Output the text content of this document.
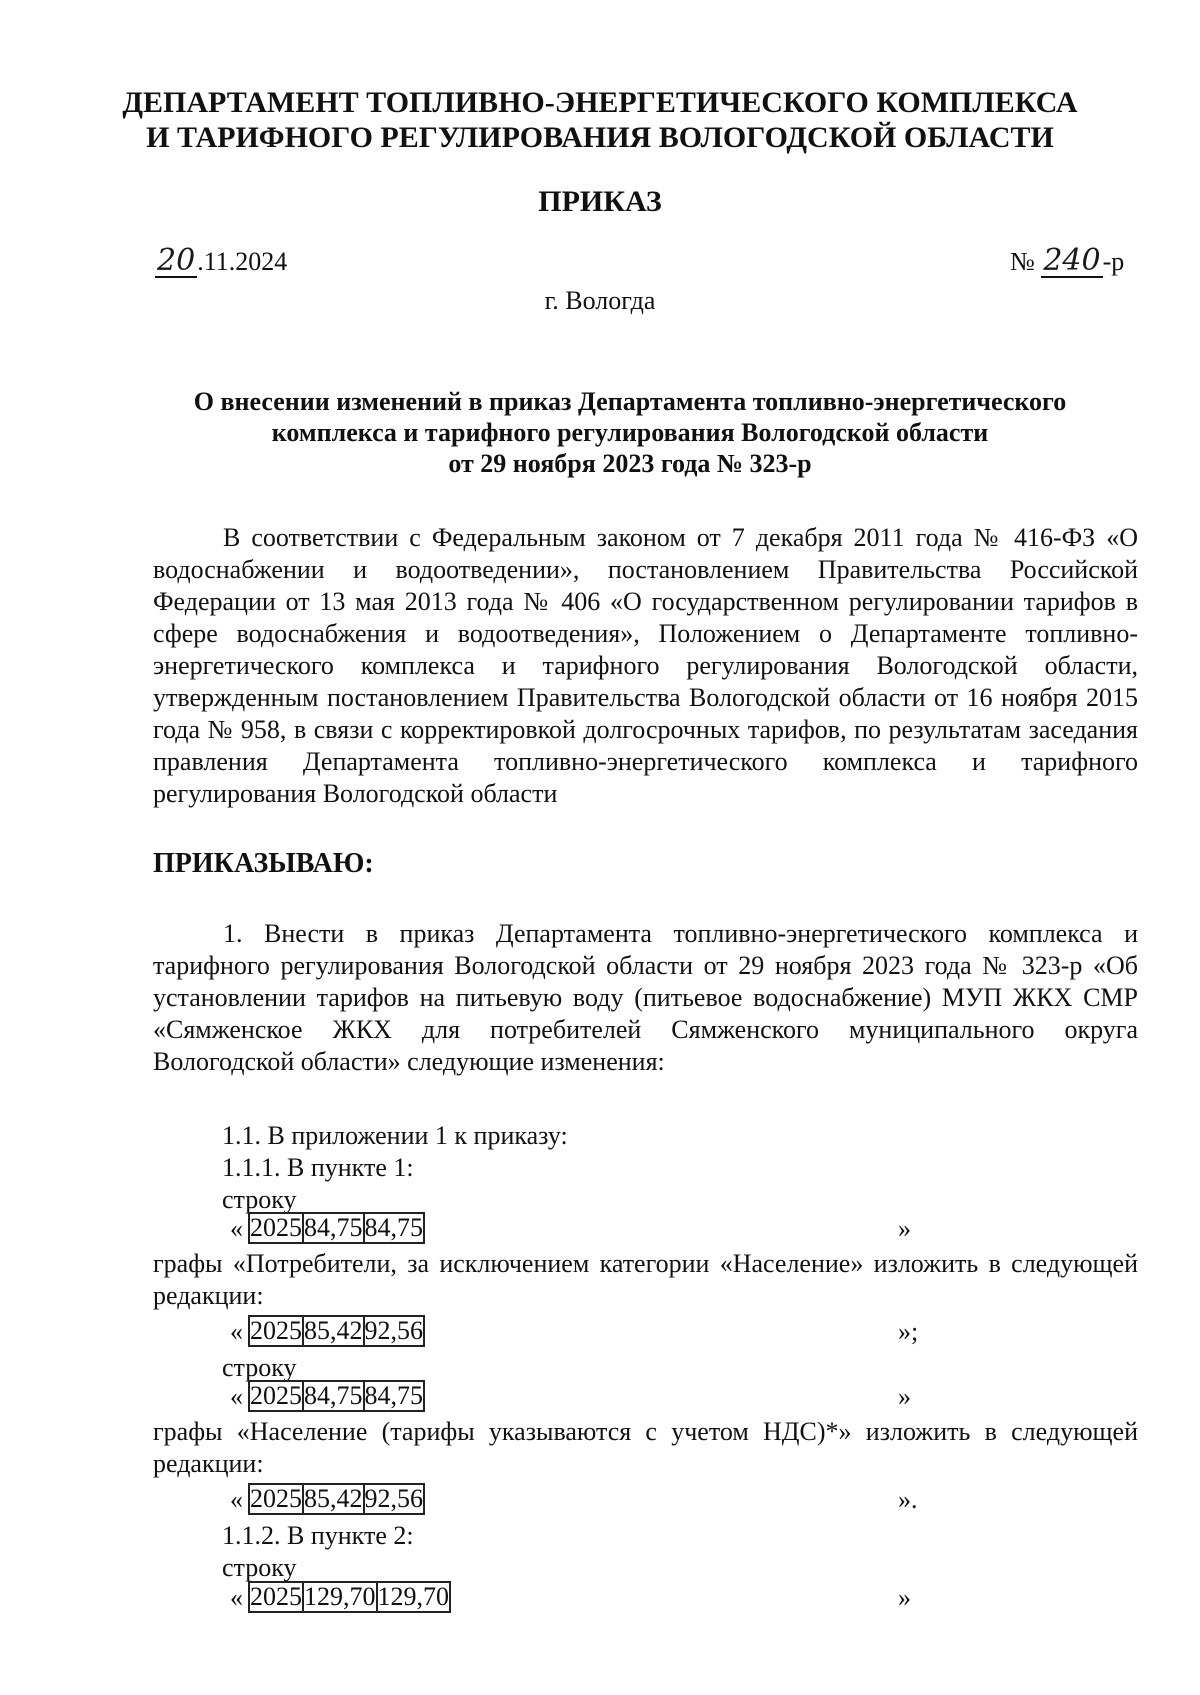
ДЕПАРТАМЕНТ ТОПЛИВНО-ЭНЕРГЕТИЧЕСКОГО КОМПЛЕКСА
И ТАРИФНОГО РЕГУЛИРОВАНИЯ ВОЛОГОДСКОЙ ОБЛАСТИ
ПРИКАЗ
20.11.2024	№ 240-р
г. Вологда
О внесении изменений в приказ Департамента топливно-энергетического
комплекса и тарифного регулирования Вологодской области
от 29 ноября 2023 года № 323-р
В соответствии с Федеральным законом от 7 декабря 2011 года № 416-ФЗ «О водоснабжении и водоотведении», постановлением Правительства Российской Федерации от 13 мая 2013 года № 406 «О государственном регулировании тарифов в сфере водоснабжения и водоотведения», Положением о Департаменте топливно-энергетического комплекса и тарифного регулирования Вологодской области, утвержденным постановлением Правительства Вологодской области от 16 ноября 2015 года № 958, в связи с корректировкой долгосрочных тарифов, по результатам заседания правления Департамента топливно-энергетического комплекса и тарифного регулирования Вологодской области
ПРИКАЗЫВАЮ:
1. Внести в приказ Департамента топливно-энергетического комплекса и тарифного регулирования Вологодской области от 29 ноября 2023 года № 323-р «Об установлении тарифов на питьевую воду (питьевое водоснабжение) МУП ЖКХ СМР «Сямженское ЖКХ для потребителей Сямженского муниципального округа Вологодской области» следующие изменения:
1.1. В приложении 1 к приказу:
1.1.1. В пункте 1:
строку
« 2025	84,75	84,75	»
графы «Потребители, за исключением категории «Население» изложить в следующей редакции:
« 2025	85,42	92,56	»;
строку
« 2025	84,75	84,75	»
графы «Население (тарифы указываются с учетом НДС)*» изложить в следующей редакции:
« 2025	85,42	92,56	».
1.1.2. В пункте 2:
строку
« 2025	129,70	129,70	»
